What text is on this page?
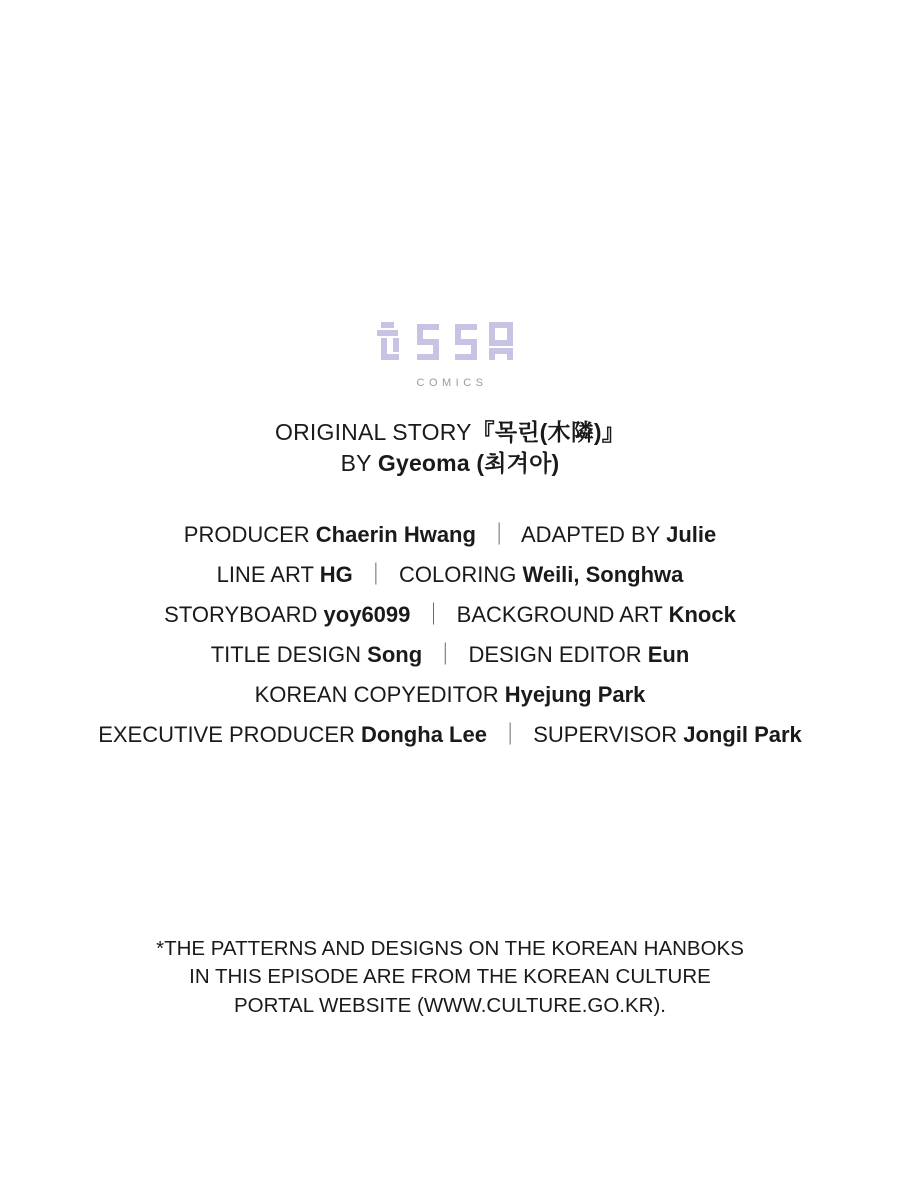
COMICS
ORIGINAL STORY『목린(木隣)』
BY Gyeoma (최겨아)
PRODUCER Chaerin Hwang ｜ ADAPTED BY Julie
LINE ART HG ｜ COLORING Weili, Songhwa
STORYBOARD yoy6099 ｜ BACKGROUND ART Knock
TITLE DESIGN Song ｜ DESIGN EDITOR Eun
KOREAN COPYEDITOR Hyejung Park
EXECUTIVE PRODUCER Dongha Lee ｜ SUPERVISOR Jongil Park
*THE PATTERNS AND DESIGNS ON THE KOREAN HANBOKS
IN THIS EPISODE ARE FROM THE KOREAN CULTURE
PORTAL WEBSITE (WWW.CULTURE.GO.KR).
